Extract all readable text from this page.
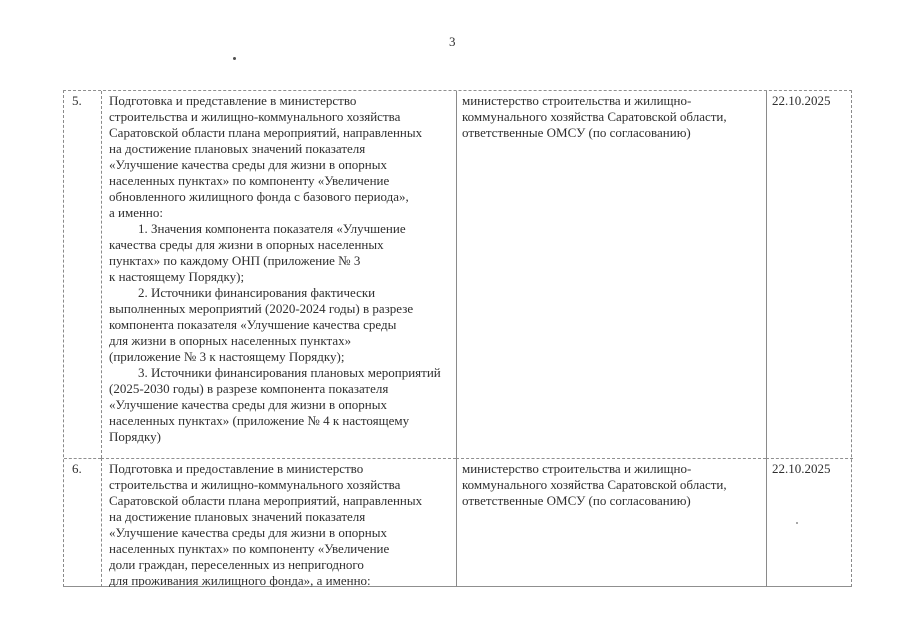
3
5.	Подготовка и представление в министерство
строительства и жилищно-коммунального хозяйства
Саратовской области плана мероприятий, направленных
на достижение плановых значений показателя
«Улучшение качества среды для жизни в опорных
населенных пунктах» по компоненту «Увеличение
обновленного жилищного фонда с базового периода»,
а именно:
1. Значения компонента показателя «Улучшение
качества среды для жизни в опорных населенных
пунктах» по каждому ОНП (приложение № 3
к настоящему Порядку);
2. Источники финансирования фактически
выполненных мероприятий (2020-2024 годы) в разрезе
компонента показателя «Улучшение качества среды
для жизни в опорных населенных пунктах»
(приложение № 3 к настоящему Порядку);
3. Источники финансирования плановых мероприятий
(2025-2030 годы) в разрезе компонента показателя
«Улучшение качества среды для жизни в опорных
населенных пунктах» (приложение № 4 к настоящему
Порядку)
министерство строительства и жилищно-
коммунального хозяйства Саратовской области,
ответственные ОМСУ (по согласованию)
22.10.2025
6.	Подготовка и предоставление в министерство
строительства и жилищно-коммунального хозяйства
Саратовской области плана мероприятий, направленных
на достижение плановых значений показателя
«Улучшение качества среды для жизни в опорных
населенных пунктах» по компоненту «Увеличение
доли граждан, переселенных из непригодного
для проживания жилищного фонда», а именно:
министерство строительства и жилищно-
коммунального хозяйства Саратовской области,
ответственные ОМСУ (по согласованию)
22.10.2025
